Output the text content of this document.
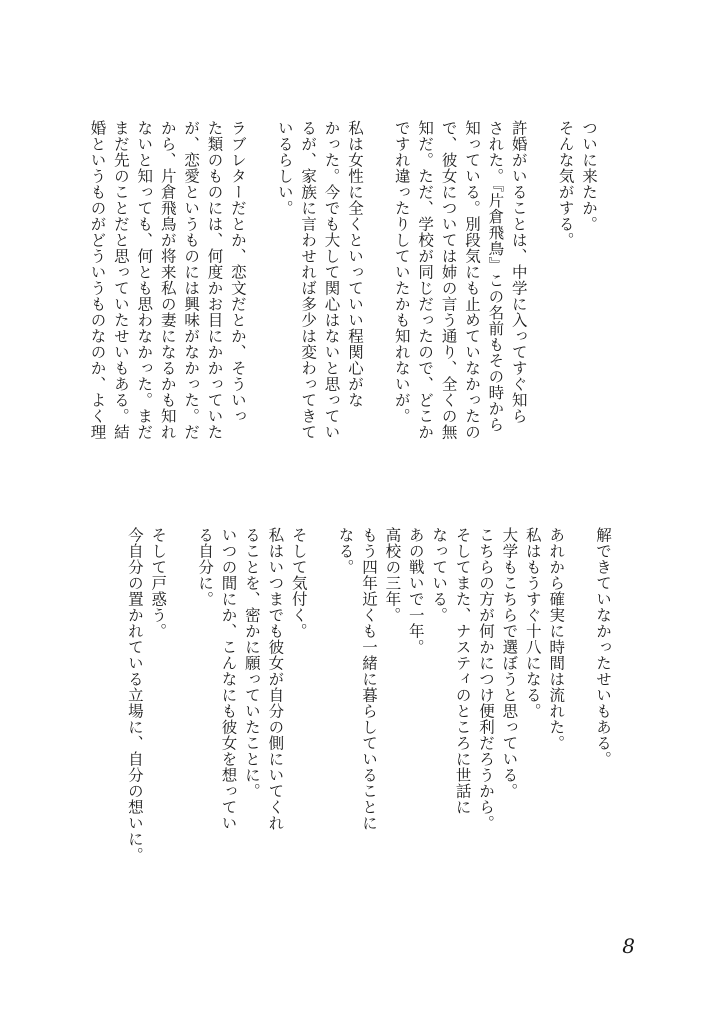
ついに来たか。
そんな気がする。

許婚がいることは、中学に入ってすぐ知ら
された。『片倉飛鳥』この名前もその時から
知っている。別段気にも止めていなかったの
で、彼女については姉の言う通り、全くの無
知だ。ただ、学校が同じだったので、どこか
ですれ違ったりしていたかも知れないが。

私は女性に全くといっていい程関心がな
かった。今でも大して関心はないと思ってい
るが、家族に言わせれば多少は変わってきて
いるらしい。

ラブレターだとか、恋文だとか、そういっ
た類のものには、何度かお目にかかっていた
が、恋愛というものには興味がなかった。だ
から、片倉飛鳥が将来私の妻になるかも知れ
ないと知っても、何とも思わなかった。まだ
まだ先のことだと思っていたせいもある。結
婚というものがどういうものなのか、よく理
解できていなかったせいもある。

あれから確実に時間は流れた。
私はもうすぐ十八になる。
大学もこちらで選ぼうと思っている。
こちらの方が何かにつけ便利だろうから。
そしてまた、ナスティのところに世話に
なっている。
あの戦いで一年。
高校の三年。
もう四年近くも一緒に暮らしていることに
なる。

そして気付く。
私はいつまでも彼女が自分の側にいてくれ
ることを、密かに願っていたことに。
いつの間にか、こんなにも彼女を想ってい
る自分に。

そして戸惑う。
今自分の置かれている立場に、自分の想いに。
8
